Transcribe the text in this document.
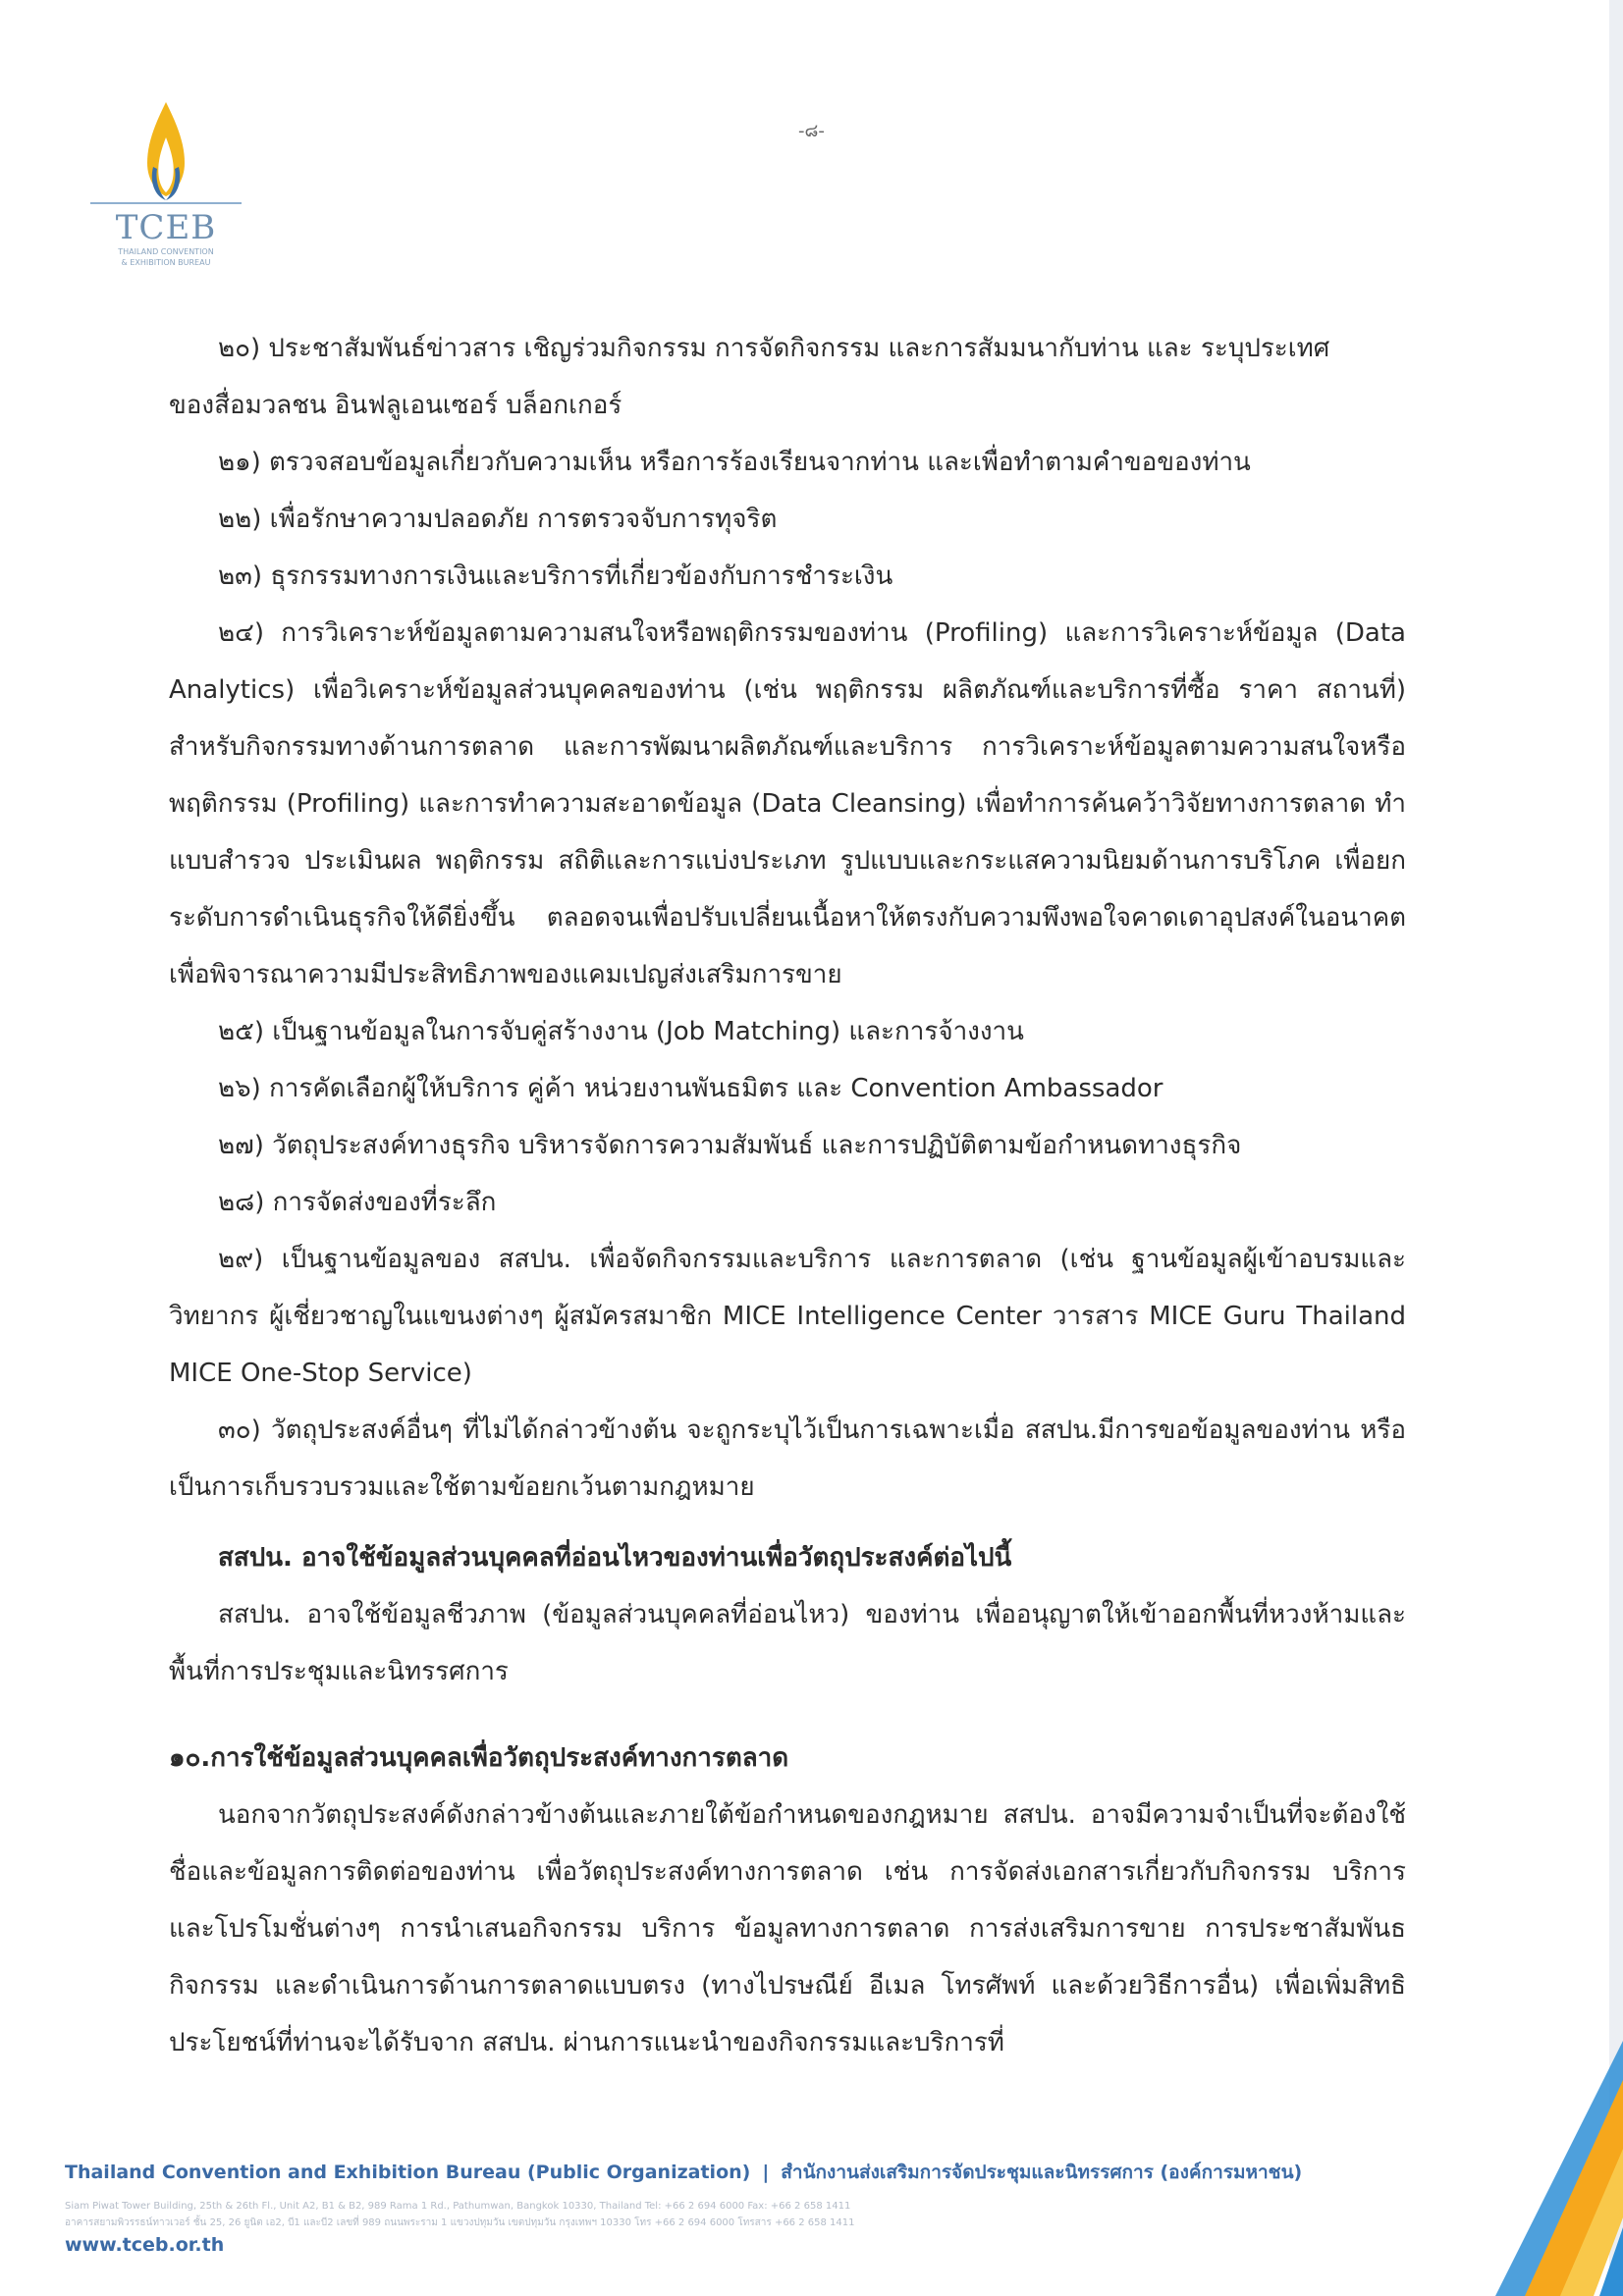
TCEB
THAILAND CONVENTION
& EXHIBITION BUREAU
-๘-

๒๐) ประชาสัมพันธ์ข่าวสาร เชิญร่วมกิจกรรม การจัดกิจกรรม และการสัมมนากับท่าน และ ระบุประเทศ

ของสื่อมวลชน อินฟลูเอนเซอร์ บล็อกเกอร์

๒๑) ตรวจสอบข้อมูลเกี่ยวกับความเห็น หรือการร้องเรียนจากท่าน และเพื่อทำตามคำขอของท่าน

๒๒) เพื่อรักษาความปลอดภัย การตรวจจับการทุจริต

๒๓) ธุรกรรมทางการเงินและบริการที่เกี่ยวข้องกับการชำระเงิน

๒๔) การวิเคราะห์ข้อมูลตามความสนใจหรือพฤติกรรมของท่าน (Profiling) และการวิเคราะห์ข้อมูล (Data Analytics) เพื่อวิเคราะห์ข้อมูลส่วนบุคคลของท่าน (เช่น พฤติกรรม ผลิตภัณฑ์และบริการที่ซื้อ ราคา สถานที่) สำหรับกิจกรรมทางด้านการตลาด และการพัฒนาผลิตภัณฑ์และบริการ การวิเคราะห์ข้อมูลตามความสนใจหรือพฤติกรรม (Profiling) และการทำความสะอาดข้อมูล (Data Cleansing) เพื่อทำการค้นคว้าวิจัยทางการตลาด ทำแบบสำรวจ ประเมินผล พฤติกรรม สถิติและการแบ่งประเภท รูปแบบและกระแสความนิยมด้านการบริโภค เพื่อยกระดับการดำเนินธุรกิจให้ดียิ่งขึ้น ตลอดจนเพื่อปรับเปลี่ยนเนื้อหาให้ตรงกับความพึงพอใจคาดเดาอุปสงค์ในอนาคต เพื่อพิจารณาความมีประสิทธิภาพของแคมเปญส่งเสริมการขาย

๒๕) เป็นฐานข้อมูลในการจับคู่สร้างงาน (Job Matching) และการจ้างงาน

๒๖) การคัดเลือกผู้ให้บริการ คู่ค้า หน่วยงานพันธมิตร และ Convention Ambassador

๒๗) วัตถุประสงค์ทางธุรกิจ บริหารจัดการความสัมพันธ์ และการปฏิบัติตามข้อกำหนดทางธุรกิจ

๒๘) การจัดส่งของที่ระลึก

๒๙) เป็นฐานข้อมูลของ สสปน. เพื่อจัดกิจกรรมและบริการ และการตลาด (เช่น ฐานข้อมูลผู้เข้าอบรมและวิทยากร ผู้เชี่ยวชาญในแขนงต่างๆ ผู้สมัครสมาชิก MICE Intelligence Center วารสาร MICE Guru Thailand MICE One-Stop Service)

๓๐) วัตถุประสงค์อื่นๆ ที่ไม่ได้กล่าวข้างต้น จะถูกระบุไว้เป็นการเฉพาะเมื่อ สสปน.มีการขอข้อมูลของท่าน หรือเป็นการเก็บรวบรวมและใช้ตามข้อยกเว้นตามกฎหมาย

สสปน. อาจใช้ข้อมูลส่วนบุคคลที่อ่อนไหวของท่านเพื่อวัตถุประสงค์ต่อไปนี้

สสปน. อาจใช้ข้อมูลชีวภาพ (ข้อมูลส่วนบุคคลที่อ่อนไหว) ของท่าน เพื่ออนุญาตให้เข้าออกพื้นที่หวงห้ามและพื้นที่การประชุมและนิทรรศการ

๑๐.การใช้ข้อมูลส่วนบุคคลเพื่อวัตถุประสงค์ทางการตลาด

นอกจากวัตถุประสงค์ดังกล่าวข้างต้นและภายใต้ข้อกำหนดของกฎหมาย สสปน. อาจมีความจำเป็นที่จะต้องใช้ชื่อและข้อมูลการติดต่อของท่าน เพื่อวัตถุประสงค์ทางการตลาด เช่น การจัดส่งเอกสารเกี่ยวกับกิจกรรม บริการ และโปรโมชั่นต่างๆ การนำเสนอกิจกรรม บริการ ข้อมูลทางการตลาด การส่งเสริมการขาย การประชาสัมพันธกิจกรรม และดำเนินการด้านการตลาดแบบตรง (ทางไปรษณีย์ อีเมล โทรศัพท์ และด้วยวิธีการอื่น) เพื่อเพิ่มสิทธิประโยชน์ที่ท่านจะได้รับจาก สสปน. ผ่านการแนะนำของกิจกรรมและบริการที่

Thailand Convention and Exhibition Bureau (Public Organization) | สำนักงานส่งเสริมการจัดประชุมและนิทรรศการ (องค์การมหาชน)
Siam Piwat Tower Building, 25th & 26th Fl., Unit A2, B1 & B2, 989 Rama 1 Rd., Pathumwan, Bangkok 10330, Thailand Tel: +66 2 694 6000 Fax: +66 2 658 1411
อาคารสยามพิวรรธน์ทาวเวอร์ ชั้น 25, 26 ยูนิต เอ2, บี1 และบี2 เลขที่ 989 ถนนพระราม 1 แขวงปทุมวัน เขตปทุมวัน กรุงเทพฯ 10330 โทร +66 2 694 6000 โทรสาร +66 2 658 1411
www.tceb.or.th
